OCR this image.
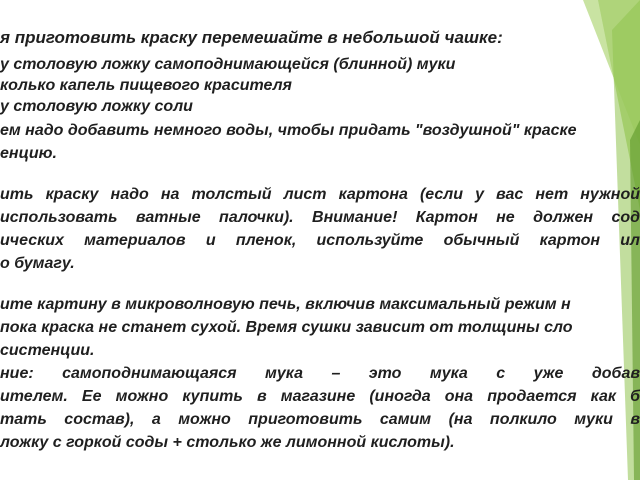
я приготовить краску перемешайте в небольшой чашке:
у столовую ложку самоподнимающейся (блинной) муки
колько капель пищевого красителя
у столовую ложку соли
ем надо добавить немного воды, чтобы придать "воздушной" краске
енцию.
ить краску надо на толстый лист картона (если у вас нет нужной
использовать ватные палочки). Внимание! Картон не должен сод
ических материалов и пленок, используйте обычный картон ил
о бумагу.
ите картину в микроволновую печь, включив максимальный режим н
пока краска не станет сухой. Время сушки зависит от толщины сло
систенции.
ние: самоподнимающаяся мука – это мука с уже добав
ителем. Ее можно купить в магазине (иногда она продается как б
тать состав), а можно приготовить самим (на полкило муки в
ложку с горкой соды + столько же лимонной кислоты).
